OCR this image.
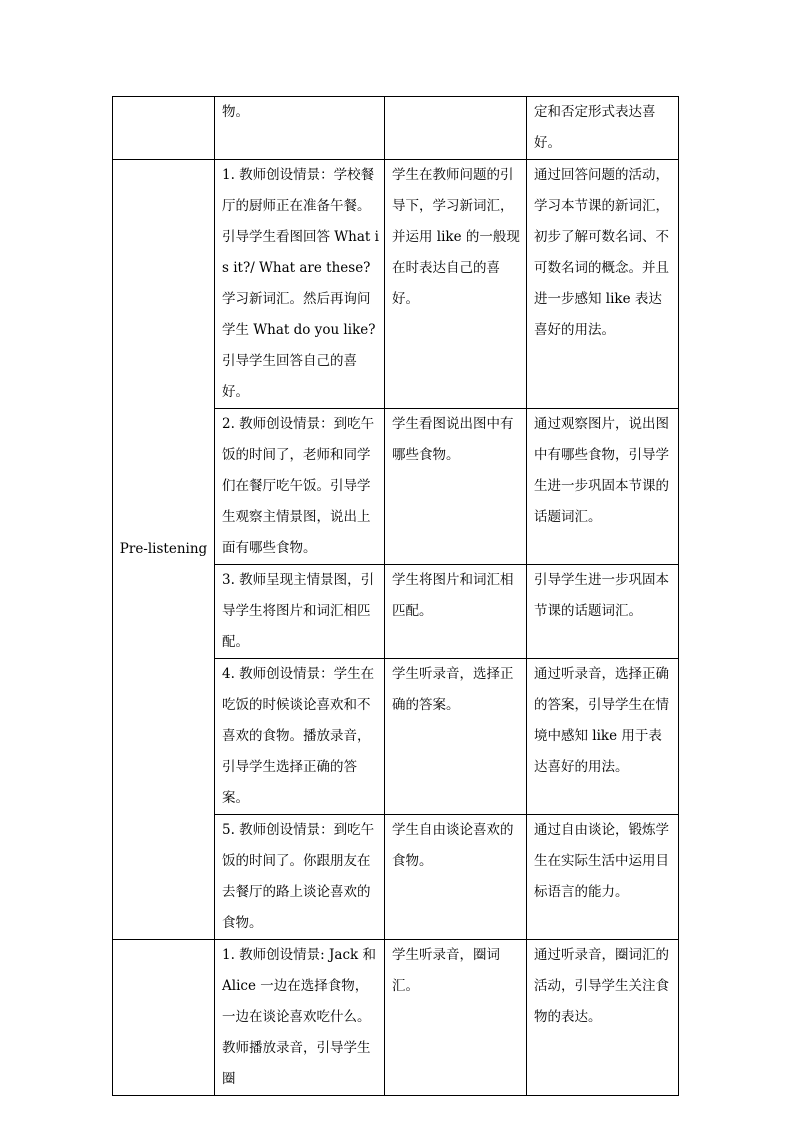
	物。		定和否定形式表达喜好。
Pre-listening	1. 教师创设情景：学校餐厅的厨师正在准备午餐。引导学生看图回答 What is it?/ What are these?学习新词汇。然后再询问学生 What do you like? 引导学生回答自己的喜好。	学生在教师问题的引导下，学习新词汇，并运用 like 的一般现在时表达自己的喜好。	通过回答问题的活动，学习本节课的新词汇，初步了解可数名词、不可数名词的概念。并且进一步感知 like 表达喜好的用法。
	2. 教师创设情景：到吃午饭的时间了，老师和同学们在餐厅吃午饭。引导学生观察主情景图，说出上面有哪些食物。	学生看图说出图中有哪些食物。	通过观察图片，说出图中有哪些食物，引导学生进一步巩固本节课的话题词汇。
	3. 教师呈现主情景图，引导学生将图片和词汇相匹配。	学生将图片和词汇相匹配。	引导学生进一步巩固本节课的话题词汇。
	4. 教师创设情景：学生在吃饭的时候谈论喜欢和不喜欢的食物。播放录音，引导学生选择正确的答案。	学生听录音，选择正确的答案。	通过听录音，选择正确的答案，引导学生在情境中感知 like 用于表达喜好的用法。
	5. 教师创设情景：到吃午饭的时间了。你跟朋友在去餐厅的路上谈论喜欢的食物。	学生自由谈论喜欢的食物。	通过自由谈论，锻炼学生在实际生活中运用目标语言的能力。
	1. 教师创设情景: Jack 和 Alice 一边在选择食物，一边在谈论喜欢吃什么。教师播放录音，引导学生圈	学生听录音，圈词汇。	通过听录音，圈词汇的活动，引导学生关注食物的表达。
